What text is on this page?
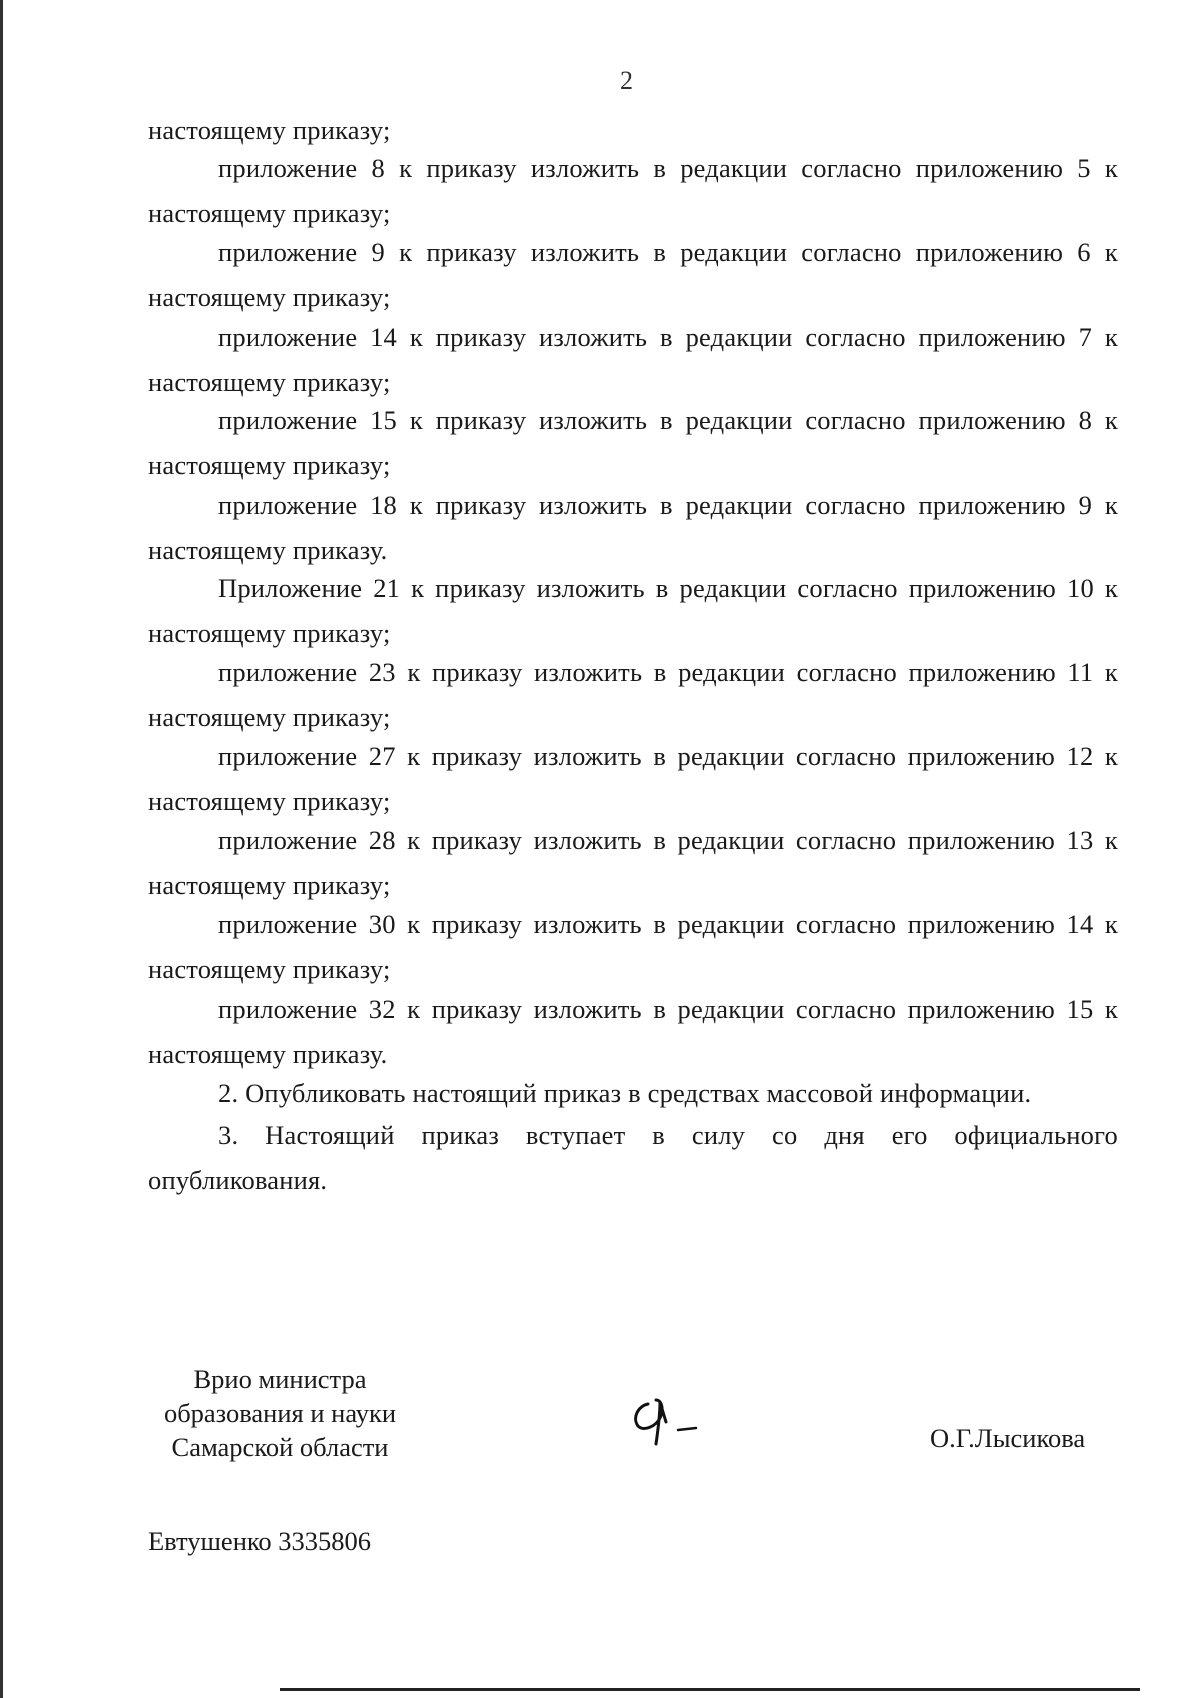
2
настоящему приказу;
приложение 8 к приказу изложить в редакции согласно приложению 5 к настоящему приказу;
приложение 9 к приказу изложить в редакции согласно приложению 6 к настоящему приказу;
приложение 14 к приказу изложить в редакции согласно приложению 7 к настоящему приказу;
приложение 15 к приказу изложить в редакции согласно приложению 8 к настоящему приказу;
приложение 18 к приказу изложить в редакции согласно приложению 9 к настоящему приказу.
Приложение 21 к приказу изложить в редакции согласно приложению 10 к настоящему приказу;
приложение 23 к приказу изложить в редакции согласно приложению 11 к настоящему приказу;
приложение 27 к приказу изложить в редакции согласно приложению 12 к настоящему приказу;
приложение 28 к приказу изложить в редакции согласно приложению 13 к настоящему приказу;
приложение 30 к приказу изложить в редакции согласно приложению 14 к настоящему приказу;
приложение 32 к приказу изложить в редакции согласно приложению 15 к настоящему приказу.
2. Опубликовать настоящий приказ в средствах массовой информации.
3. Настоящий приказ вступает в силу со дня его официального опубликования.
Врио министра
образования и науки
Самарской области	О.Г.Лысикова
Евтушенко 3335806
